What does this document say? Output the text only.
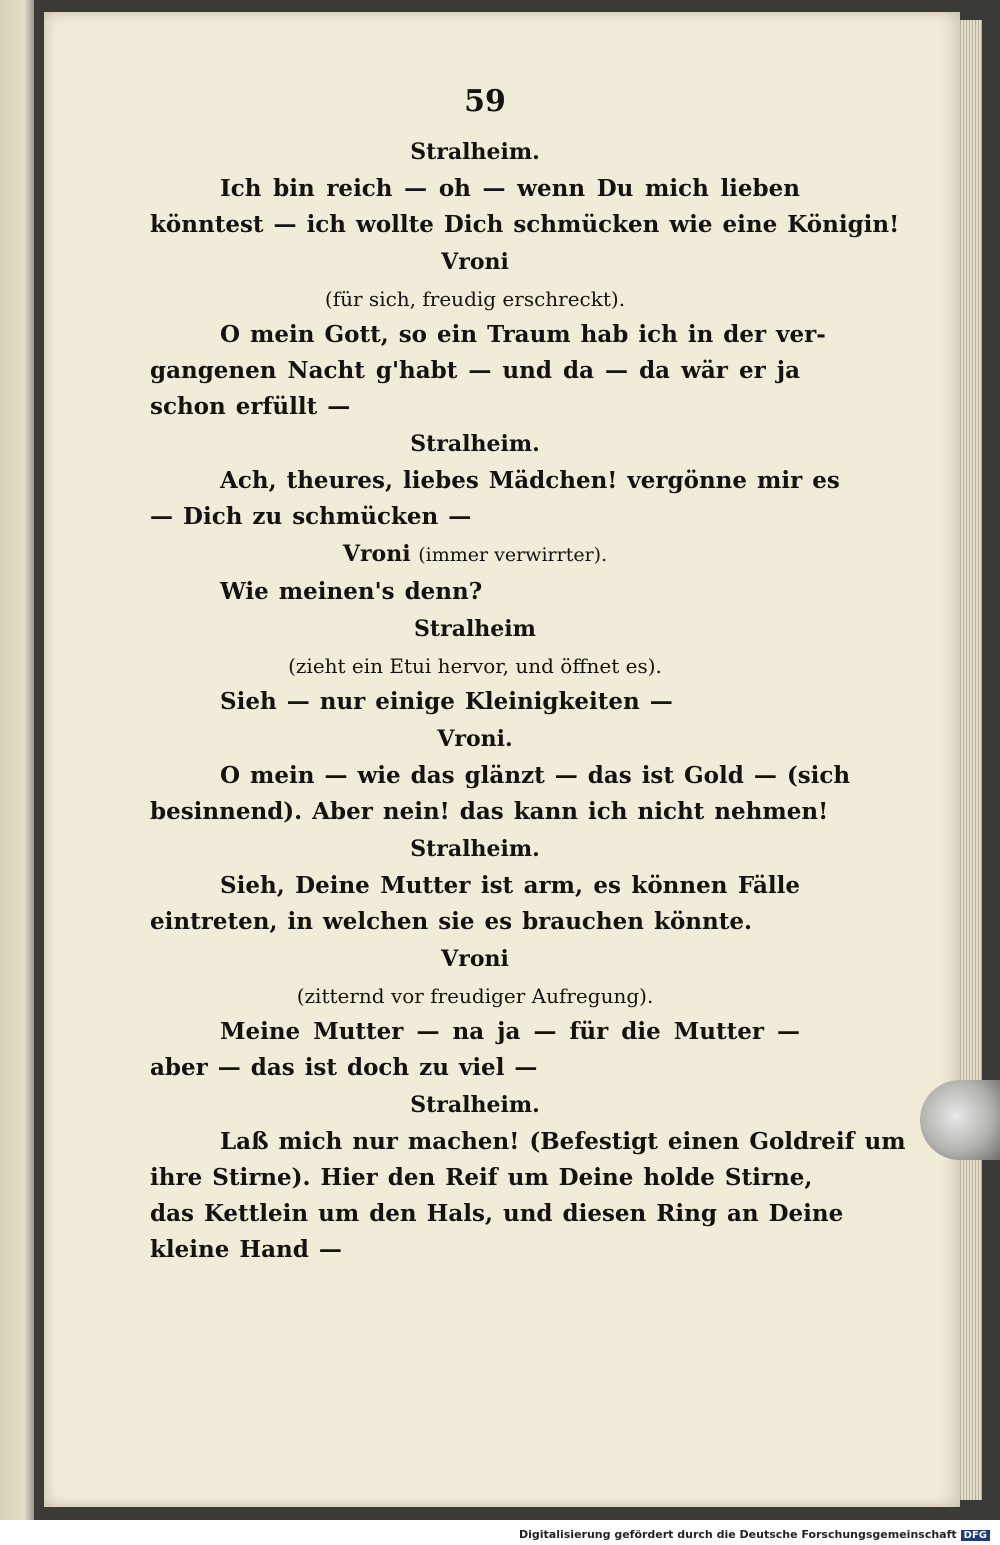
59
Stralheim.
Ich bin reich — oh — wenn Du mich lieben
könntest — ich wollte Dich schmücken wie eine Königin!
Vroni
(für sich, freudig erschreckt).
O mein Gott, so ein Traum hab ich in der ver-
gangenen Nacht g'habt — und da — da wär er ja
schon erfüllt —
Stralheim.
Ach, theures, liebes Mädchen! vergönne mir es
— Dich zu schmücken —
Vroni (immer verwirrter).
Wie meinen's denn?
Stralheim
(zieht ein Etui hervor, und öffnet es).
Sieh — nur einige Kleinigkeiten —
Vroni.
O mein — wie das glänzt — das ist Gold — (sich
besinnend). Aber nein! das kann ich nicht nehmen!
Stralheim.
Sieh, Deine Mutter ist arm, es können Fälle
eintreten, in welchen sie es brauchen könnte.
Vroni
(zitternd vor freudiger Aufregung).
Meine Mutter — na ja — für die Mutter —
aber — das ist doch zu viel —
Stralheim.
Laß mich nur machen! (Befestigt einen Goldreif um
ihre Stirne). Hier den Reif um Deine holde Stirne,
das Kettlein um den Hals, und diesen Ring an Deine
kleine Hand —
Digitalisierung gefördert durch die Deutsche Forschungsgemeinschaft DFG
